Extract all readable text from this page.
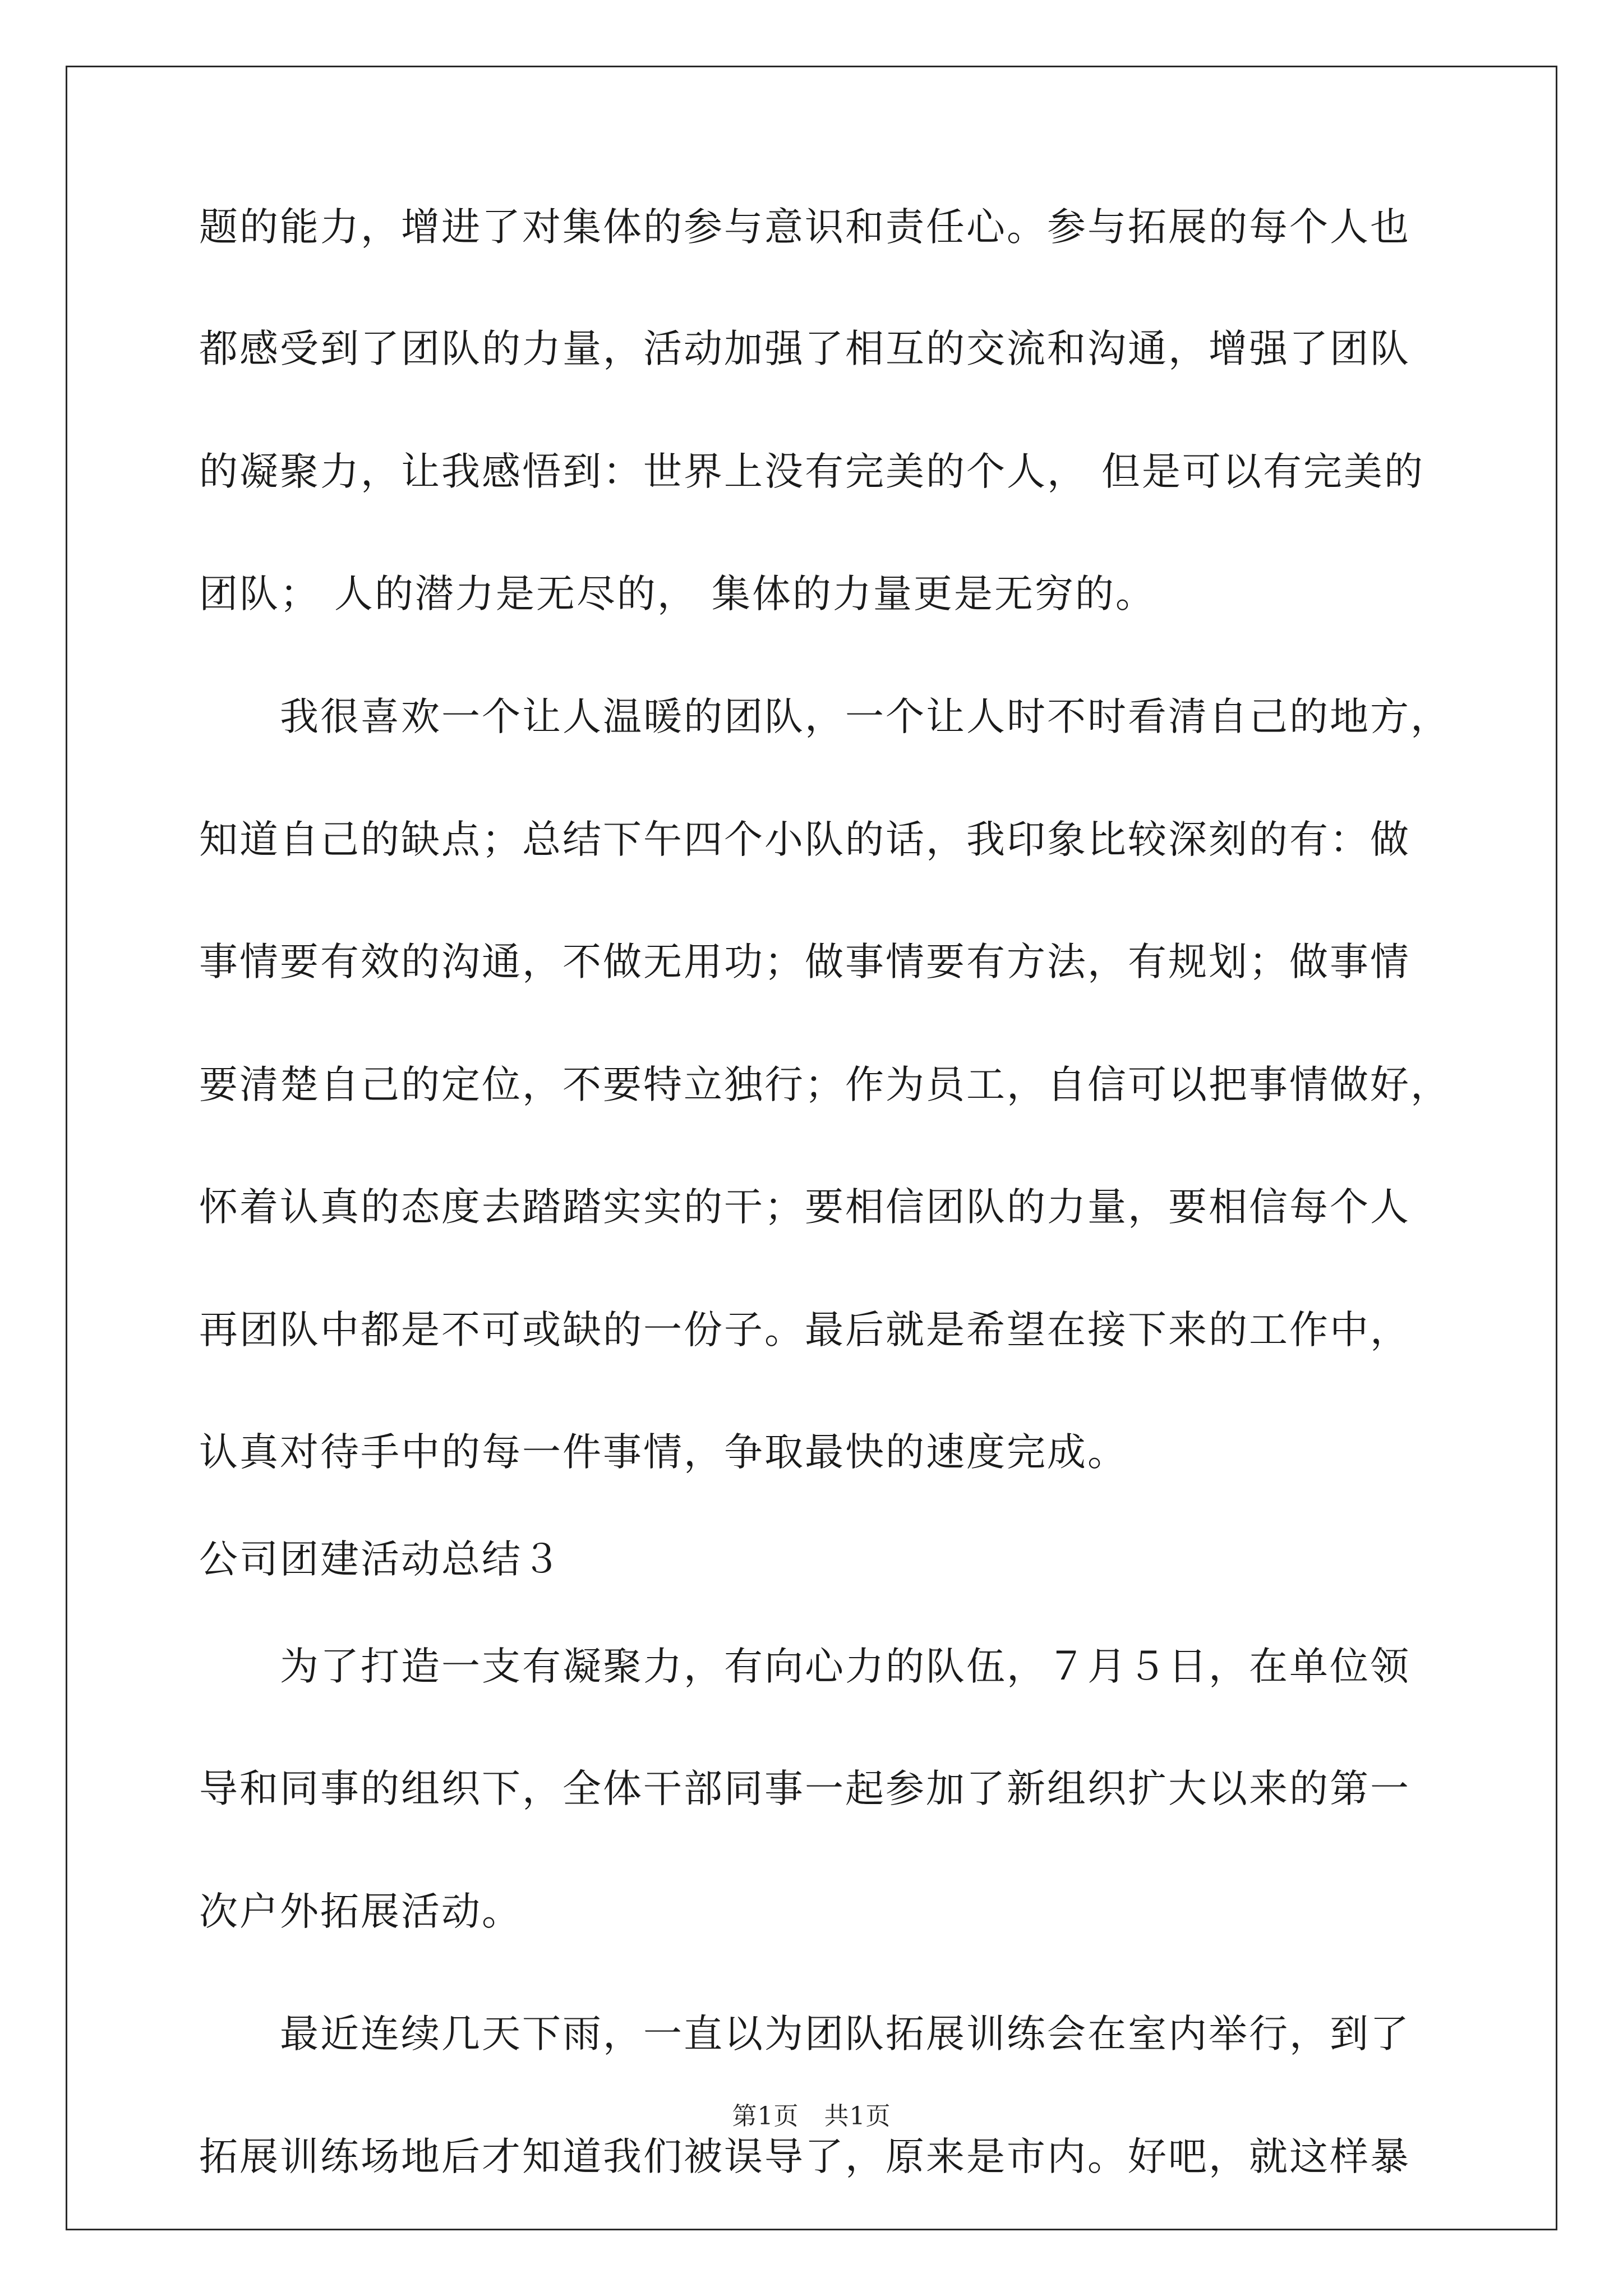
题的能力，增进了对集体的参与意识和责任心。参与拓展的每个人也
都感受到了团队的力量，活动加强了相互的交流和沟通，增强了团队
的凝聚力，让我感悟到：世界上没有完美的个人， 但是可以有完美的
团队； 人的潜力是无尽的， 集体的力量更是无穷的。
　　我很喜欢一个让人温暖的团队，一个让人时不时看清自己的地方，
知道自己的缺点；总结下午四个小队的话，我印象比较深刻的有：做
事情要有效的沟通，不做无用功；做事情要有方法，有规划；做事情
要清楚自己的定位，不要特立独行；作为员工，自信可以把事情做好，
怀着认真的态度去踏踏实实的干；要相信团队的力量，要相信每个人
再团队中都是不可或缺的一份子。最后就是希望在接下来的工作中，
认真对待手中的每一件事情，争取最快的速度完成。
公司团建活动总结３
　　为了打造一支有凝聚力，有向心力的队伍，７月５日，在单位领
导和同事的组织下，全体干部同事一起参加了新组织扩大以来的第一
次户外拓展活动。
　　最近连续几天下雨，一直以为团队拓展训练会在室内举行，到了
拓展训练场地后才知道我们被误导了，原来是市内。好吧，就这样暴
第1页　共1页
